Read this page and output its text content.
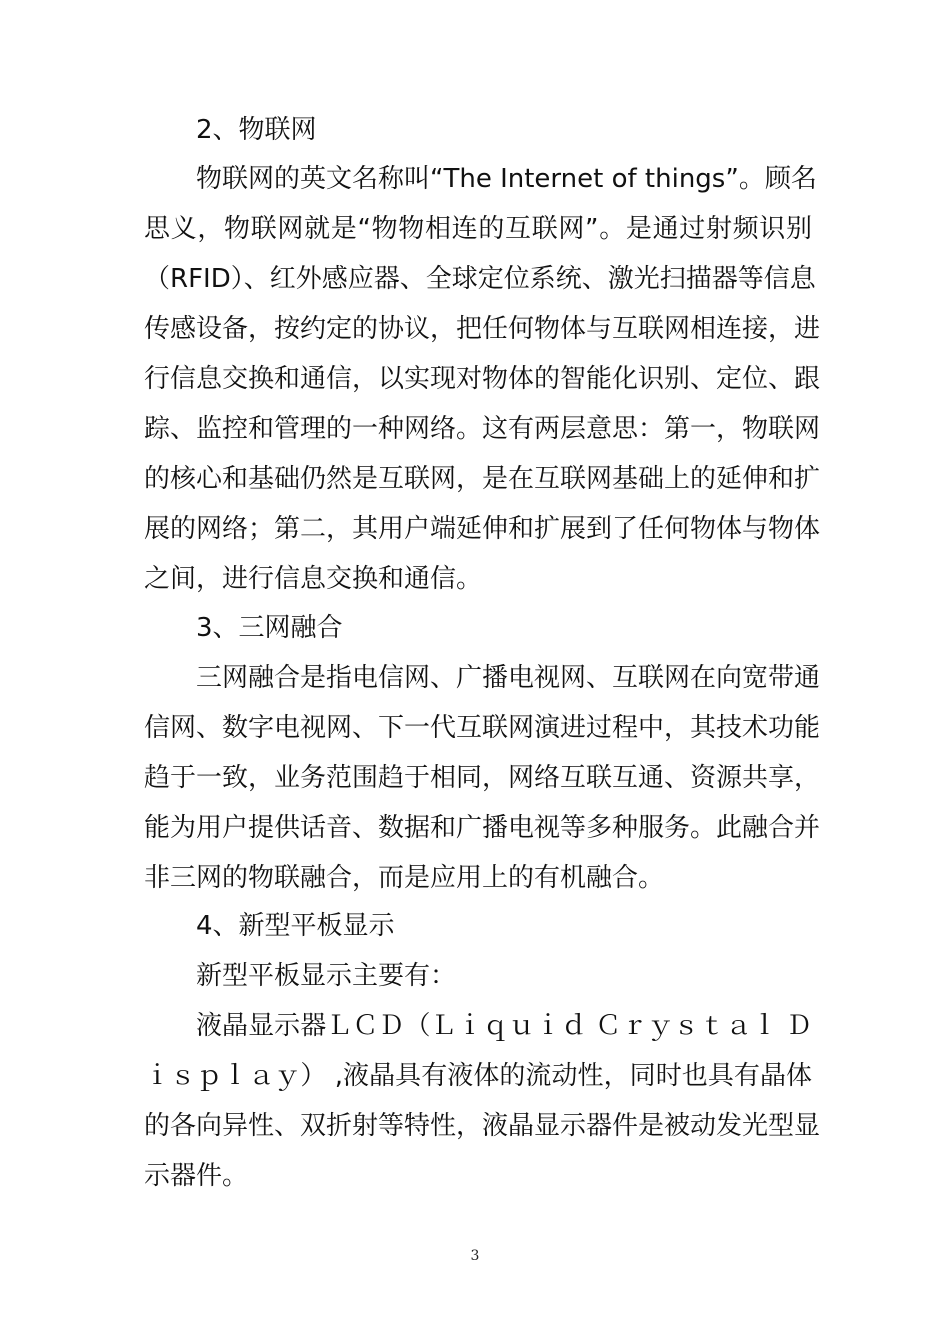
2、物联网
物联网的英文名称叫“The Internet of things”。顾名
思义，物联网就是“物物相连的互联网”。是通过射频识别
（RFID）、红外感应器、全球定位系统、激光扫描器等信息
传感设备，按约定的协议，把任何物体与互联网相连接，进
行信息交换和通信，以实现对物体的智能化识别、定位、跟
踪、监控和管理的一种网络。这有两层意思：第一，物联网
的核心和基础仍然是互联网，是在互联网基础上的延伸和扩
展的网络；第二，其用户端延伸和扩展到了任何物体与物体
之间，进行信息交换和通信。
3、三网融合
三网融合是指电信网、广播电视网、互联网在向宽带通
信网、数字电视网、下一代互联网演进过程中，其技术功能
趋于一致，业务范围趋于相同，网络互联互通、资源共享，
能为用户提供话音、数据和广播电视等多种服务。此融合并
非三网的物联融合，而是应用上的有机融合。
4、新型平板显示
新型平板显示主要有：
液晶显示器ＬＣＤ（Ｌｉｑｕｉｄ Ｃｒｙｓｔａｌ Ｄ
ｉｓｐｌａｙ） ,液晶具有液体的流动性，同时也具有晶体
的各向异性、双折射等特性，液晶显示器件是被动发光型显
示器件。
3
